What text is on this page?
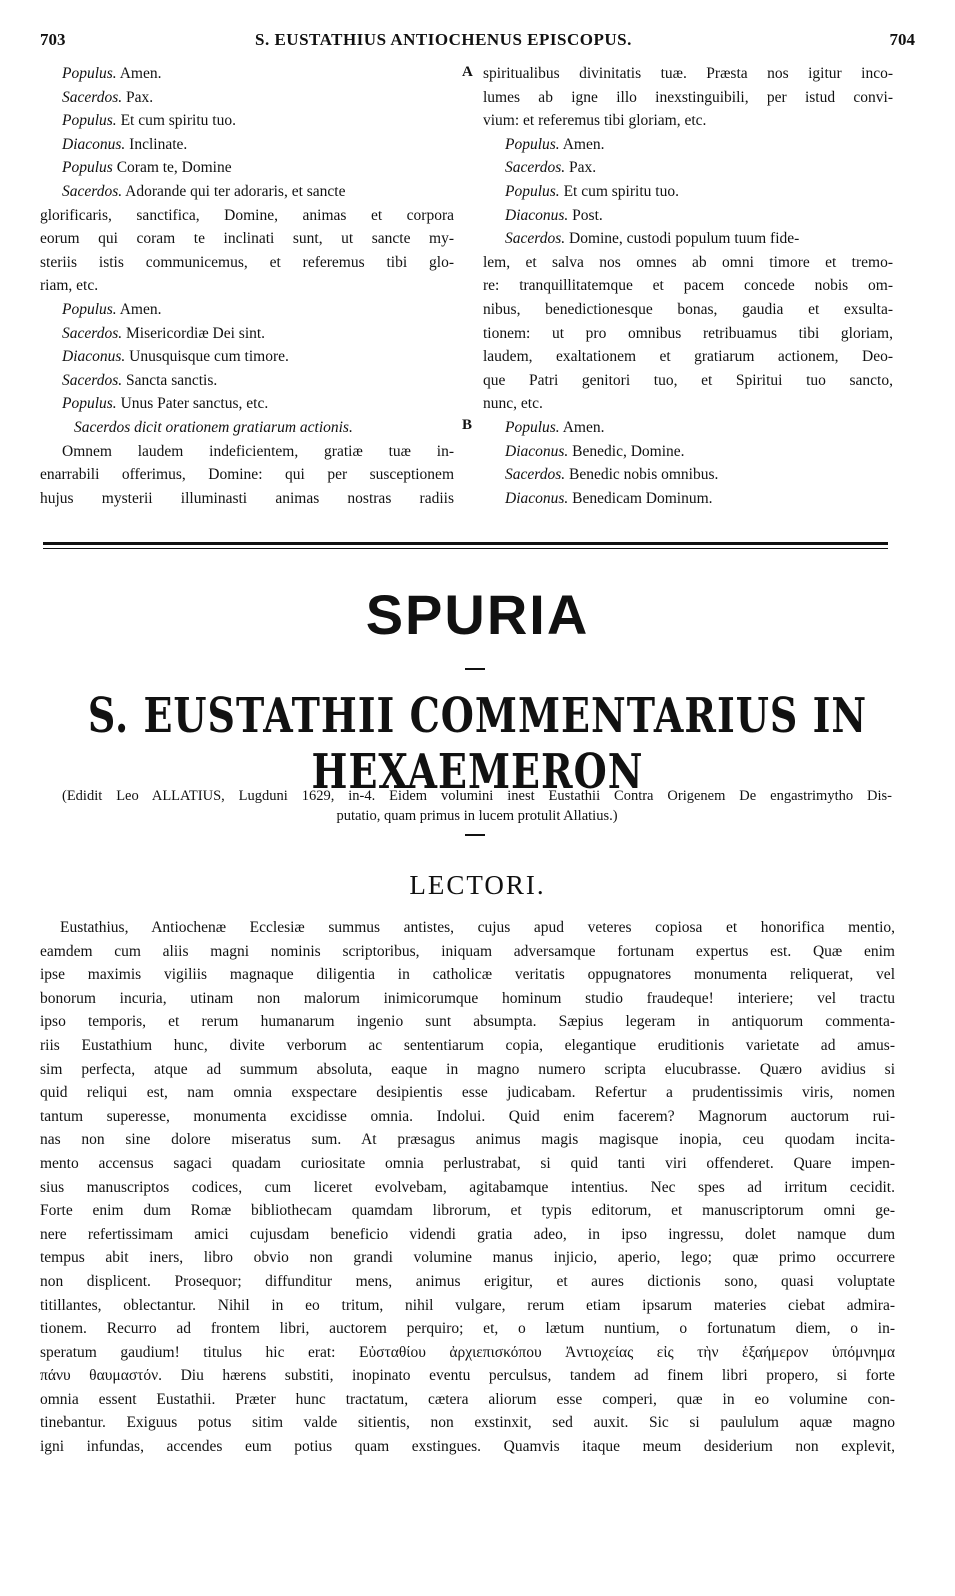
703	S. EUSTATHIUS ANTIOCHENUS EPISCOPUS.	704
Populus. Amen.
Sacerdos. Pax.
Populus. Et cum spiritu tuo.
Diaconus. Inclinate.
Populus Coram te, Domine
Sacerdos. Adorande qui ter adoraris, et sancte
glorificaris, sanctifica, Domine, animas et corpora
eorum qui coram te inclinati sunt, ut sancte my-
steriis istis communicemus, et referemus tibi glo-
riam, etc.
Populus. Amen.
Sacerdos. Misericordiæ Dei sint.
Diaconus. Unusquisque cum timore.
Sacerdos. Sancta sanctis.
Populus. Unus Pater sanctus, etc.
Sacerdos dicit orationem gratiarum actionis.
Omnem laudem indeficientem, gratiæ tuæ in-
enarrabili offerimus, Domine: qui per susceptionem
hujus mysterii illuminasti animas nostras radiis
spiritualibus divinitatis tuæ. Præsta nos igitur inco-
lumes ab igne illo inexstinguibili, per istud convi-
vium: et referemus tibi gloriam, etc.
Populus. Amen.
Sacerdos. Pax.
Populus. Et cum spiritu tuo.
Diaconus. Post.
Sacerdos. Domine, custodi populum tuum fide-
lem, et salva nos omnes ab omni timore et tremo-
re: tranquillitatemque et pacem concede nobis om-
nibus, benedictionesque bonas, gaudia et exsulta-
tionem: ut pro omnibus retribuamus tibi gloriam,
laudem, exaltationem et gratiarum actionem, Deo-
que Patri genitori tuo, et Spiritui tuo sancto,
nunc, etc.
Populus. Amen.
Diaconus. Benedic, Domine.
Sacerdos. Benedic nobis omnibus.
Diaconus. Benedicam Dominum.
A
B
SPURIA
S. EUSTATHII COMMENTARIUS IN HEXAEMERON
(Edidit Leo ALLATIUS, Lugduni 1629, in-4. Eidem volumini inest Eustathii Contra Origenem De engastrimytho Dis-
putatio, quam primus in lucem protulit Allatius.)
LECTORI.
Eustathius, Antiochenæ Ecclesiæ summus antistes, cujus apud veteres copiosa et honorifica mentio,
eamdem cum aliis magni nominis scriptoribus, iniquam adversamque fortunam expertus est. Quæ enim
ipse maximis vigiliis magnaque diligentia in catholicæ veritatis oppugnatores monumenta reliquerat, vel
bonorum incuria, utinam non malorum inimicorumque hominum studio fraudeque! interiere; vel tractu
ipso temporis, et rerum humanarum ingenio sunt absumpta. Sæpius legeram in antiquorum commenta-
riis Eustathium hunc, divite verborum ac sententiarum copia, elegantique eruditionis varietate ad amus-
sim perfecta, atque ad summum absoluta, eaque in magno numero scripta elucubrasse. Quæro avidius si
quid reliqui est, nam omnia exspectare desipientis esse judicabam. Refertur a prudentissimis viris, nomen
tantum superesse, monumenta excidisse omnia. Indolui. Quid enim facerem? Magnorum auctorum rui-
nas non sine dolore miseratus sum. At præsagus animus magis magisque inopia, ceu quodam incita-
mento accensus sagaci quadam curiositate omnia perlustrabat, si quid tanti viri offenderet. Quare impen-
sius manuscriptos codices, cum liceret evolvebam, agitabamque intentius. Nec spes ad irritum cecidit.
Forte enim dum Romæ bibliothecam quamdam librorum, et typis editorum, et manuscriptorum omni ge-
nere refertissimam amici cujusdam beneficio videndi gratia adeo, in ipso ingressu, dolet namque dum
tempus abit iners, libro obvio non grandi volumine manus injicio, aperio, lego; quæ primo occurrere
non displicent. Prosequor; diffunditur mens, animus erigitur, et aures dictionis sono, quasi voluptate
titillantes, oblectantur. Nihil in eo tritum, nihil vulgare, rerum etiam ipsarum materies ciebat admira-
tionem. Recurro ad frontem libri, auctorem perquiro; et, o lætum nuntium, o fortunatum diem, o in-
speratum gaudium! titulus hic erat: Εὐσταθίου ἀρχιεπισκόπου Ἀντιοχείας εἰς τὴν ἑξαήμερον ὑπόμνημα
πάνυ θαυμαστόν. Diu hærens substiti, inopinato eventu perculsus, tandem ad finem libri propero, si forte
omnia essent Eustathii. Præter hunc tractatum, cætera aliorum esse comperi, quæ in eo volumine con-
tinebantur. Exiguus potus sitim valde sitientis, non exstinxit, sed auxit. Sic si paululum aquæ magno
igni infundas, accendes eum potius quam exstingues. Quamvis itaque meum desiderium non explevit,
